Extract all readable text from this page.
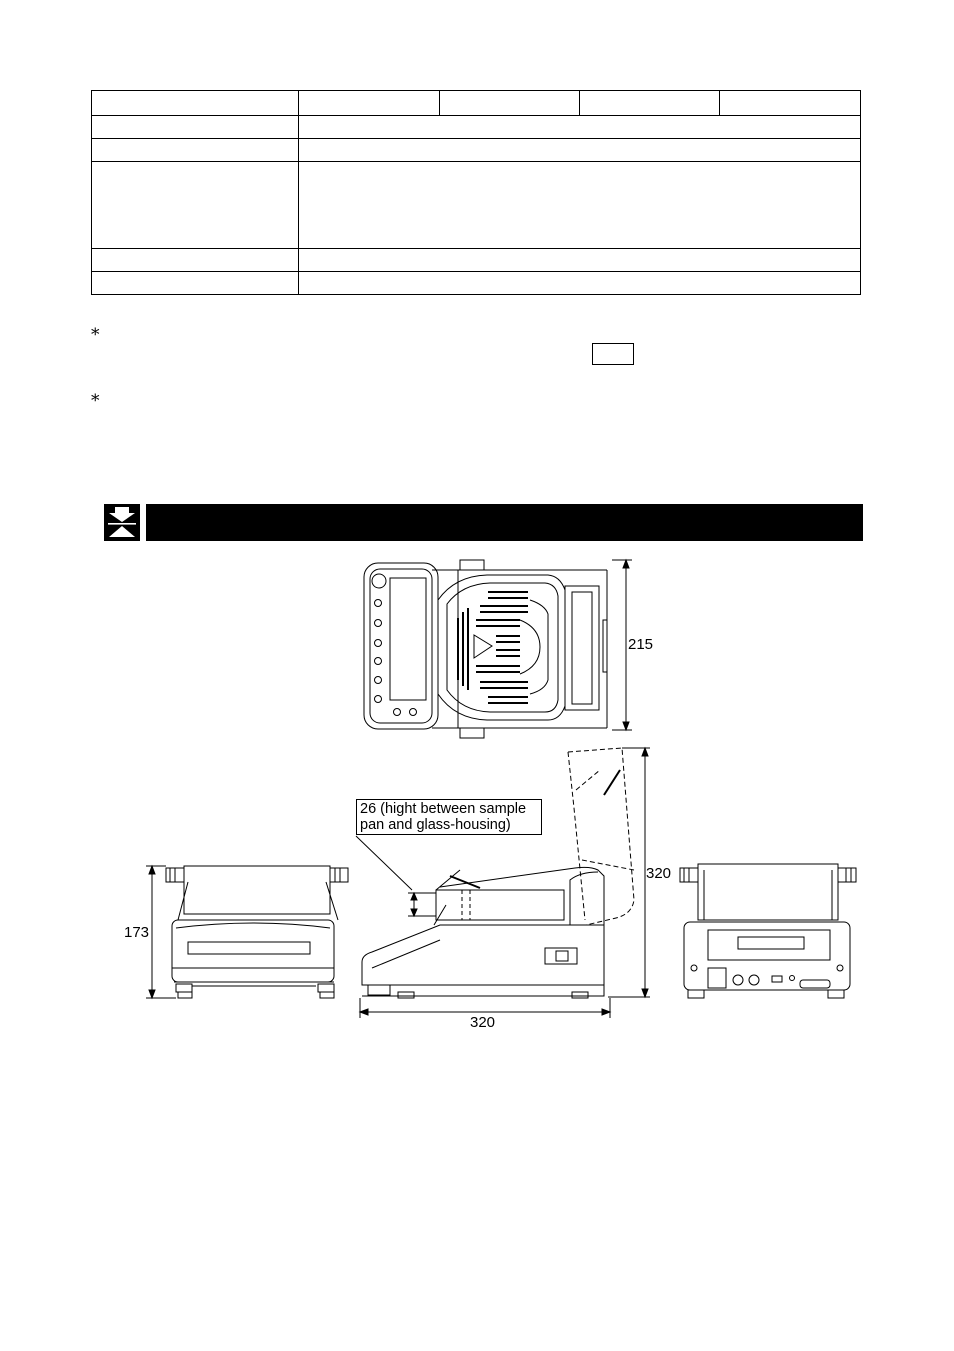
*
*
215
320
320
173
26 (hight between sample
pan and glass-housing)
